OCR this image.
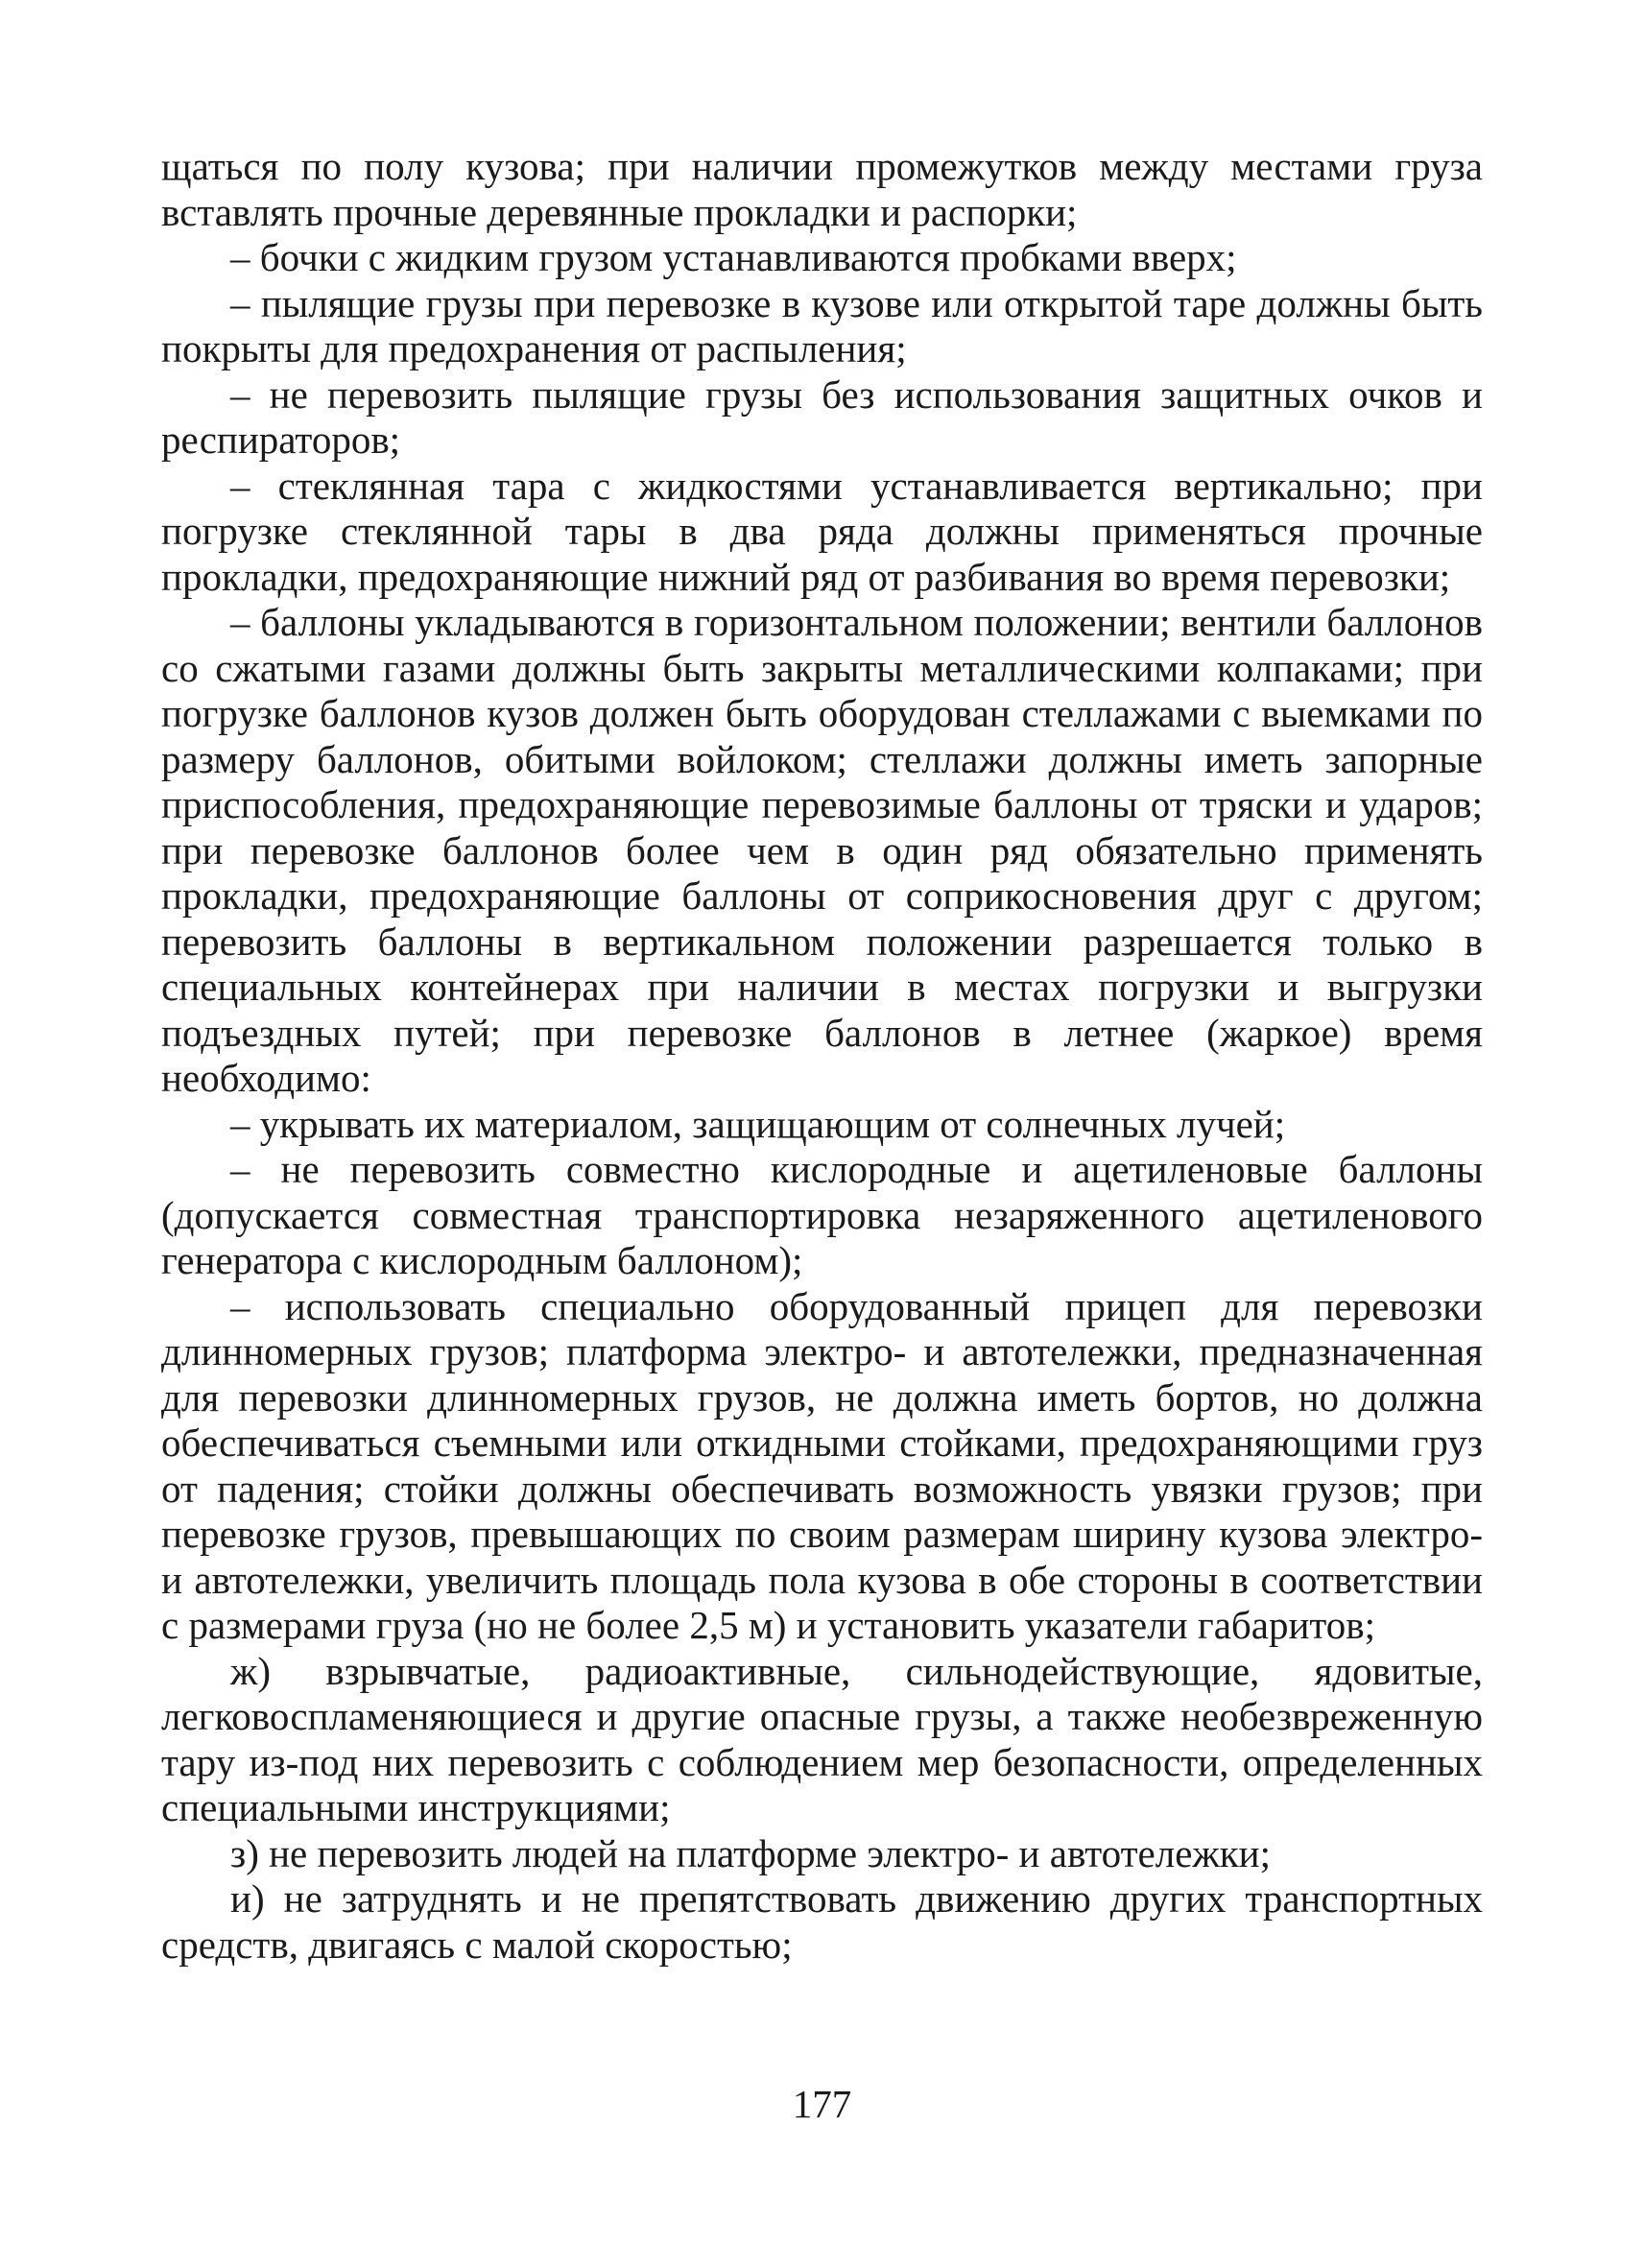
щаться по полу кузова; при наличии промежутков между местами груза вставлять прочные деревянные прокладки и распорки;

– бочки с жидким грузом устанавливаются пробками вверх;

– пылящие грузы при перевозке в кузове или открытой таре должны быть покрыты для предохранения от распыления;

– не перевозить пылящие грузы без использования защитных очков и респираторов;

– стеклянная тара с жидкостями устанавливается вертикально; при погрузке стеклянной тары в два ряда должны применяться прочные прокладки, предохраняющие нижний ряд от разбивания во время перевозки;

– баллоны укладываются в горизонтальном положении; вентили баллонов со сжатыми газами должны быть закрыты металлическими колпаками; при погрузке баллонов кузов должен быть оборудован стеллажами с выемками по размеру баллонов, обитыми войлоком; стеллажи должны иметь запорные приспособления, предохраняющие перевозимые баллоны от тряски и ударов; при перевозке баллонов более чем в один ряд обязательно применять прокладки, предохраняющие баллоны от соприкосновения друг с другом; перевозить баллоны в вертикальном положении разрешается только в специальных контейнерах при наличии в местах погрузки и выгрузки подъездных путей; при перевозке баллонов в летнее (жаркое) время необходимо:

– укрывать их материалом, защищающим от солнечных лучей;

– не перевозить совместно кислородные и ацетиленовые баллоны (допускается совместная транспортировка незаряженного ацетиленового генератора с кислородным баллоном);

– использовать специально оборудованный прицеп для перевозки длинномерных грузов; платформа электро- и автотележки, предназначенная для перевозки длинномерных грузов, не должна иметь бортов, но должна обеспечиваться съемными или откидными стойками, предохраняющими груз от падения; стойки должны обеспечивать возможность увязки грузов; при перевозке грузов, превышающих по своим размерам ширину кузова электро- и автотележки, увеличить площадь пола кузова в обе стороны в соответствии с размерами груза (но не более 2,5 м) и установить указатели габаритов;

ж) взрывчатые, радиоактивные, сильнодействующие, ядовитые, легковоспламеняющиеся и другие опасные грузы, а также необезвреженную тару из-под них перевозить с соблюдением мер безопасности, определенных специальными инструкциями;

з) не перевозить людей на платформе электро- и автотележки;

и) не затруднять и не препятствовать движению других транспортных средств, двигаясь с малой скоростью;

177
